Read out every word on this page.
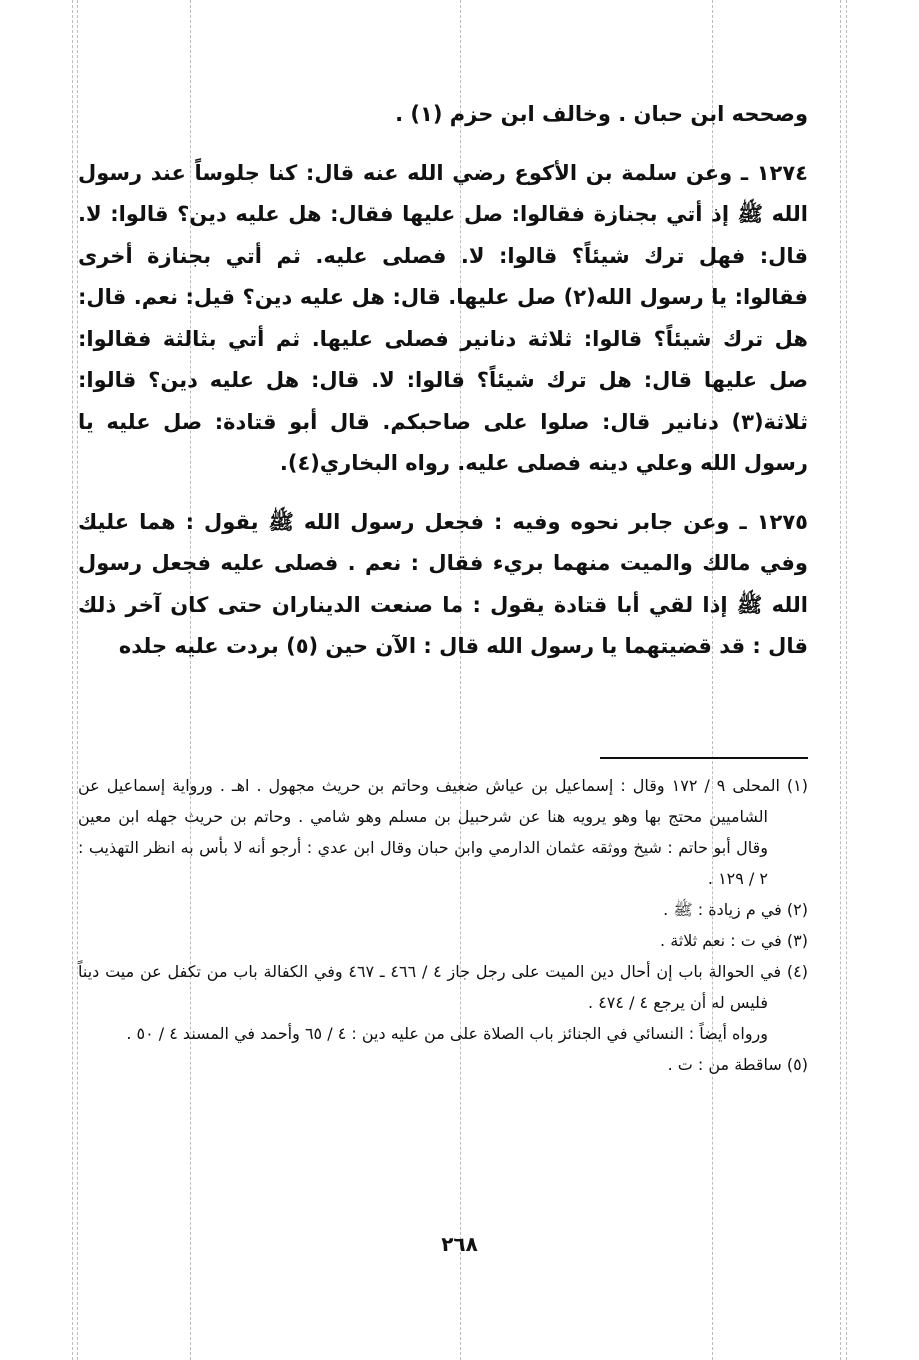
وصححه ابن حبان . وخالف ابن حزم (١) .

١٢٧٤ ـ وعن سلمة بن الأكوع رضي الله عنه قال: كنا جلوساً عند رسول الله ﷺ إذ أتي بجنازة فقالوا: صل عليها فقال: هل عليه دين؟ قالوا: لا. قال: فهل ترك شيئاً؟ قالوا: لا. فصلى عليه. ثم أتي بجنازة أخرى فقالوا: يا رسول الله(٢) صل عليها. قال: هل عليه دين؟ قيل: نعم. قال: هل ترك شيئاً؟ قالوا: ثلاثة دنانير فصلى عليها. ثم أتي بثالثة فقالوا: صل عليها قال: هل ترك شيئاً؟ قالوا: لا. قال: هل عليه دين؟ قالوا: ثلاثة(٣) دنانير قال: صلوا على صاحبكم. قال أبو قتادة: صل عليه يا رسول الله وعلي دينه فصلى عليه. رواه البخاري(٤).

١٢٧٥ ـ وعن جابر نحوه وفيه : فجعل رسول الله ﷺ يقول : هما عليك وفي مالك والميت منهما بريء فقال : نعم . فصلى عليه فجعل رسول الله ﷺ إذا لقي أبا قتادة يقول : ما صنعت الديناران حتى كان آخر ذلك قال : قد قضيتهما يا رسول الله قال : الآن حين (٥) بردت عليه جلده

(١) المحلى ٩ / ١٧٢ وقال : إسماعيل بن عياش ضعيف وحاتم بن حريث مجهول . اهـ . ورواية إسماعيل عن الشاميين محتج بها وهو يرويه هنا عن شرحبيل بن مسلم وهو شامي . وحاتم بن حريث جهله ابن معين وقال أبو حاتم : شيخ ووثقه عثمان الدارمي وابن حبان وقال ابن عدي : أرجو أنه لا بأس به انظر التهذيب : ٢ / ١٢٩ .

(٢) في م زيادة : ﷺ .

(٣) في ت : نعم ثلاثة .

(٤) في الحوالة باب إن أحال دين الميت على رجل جاز ٤ / ٤٦٦ ـ ٤٦٧ وفي الكفالة باب من تكفل عن ميت ديناً فليس له أن يرجع ٤ / ٤٧٤ .

ورواه أيضاً : النسائي في الجنائز باب الصلاة على من عليه دين : ٤ / ٦٥ وأحمد في المسند ٤ / ٥٠ .

(٥) ساقطة من : ت .

٢٦٨
